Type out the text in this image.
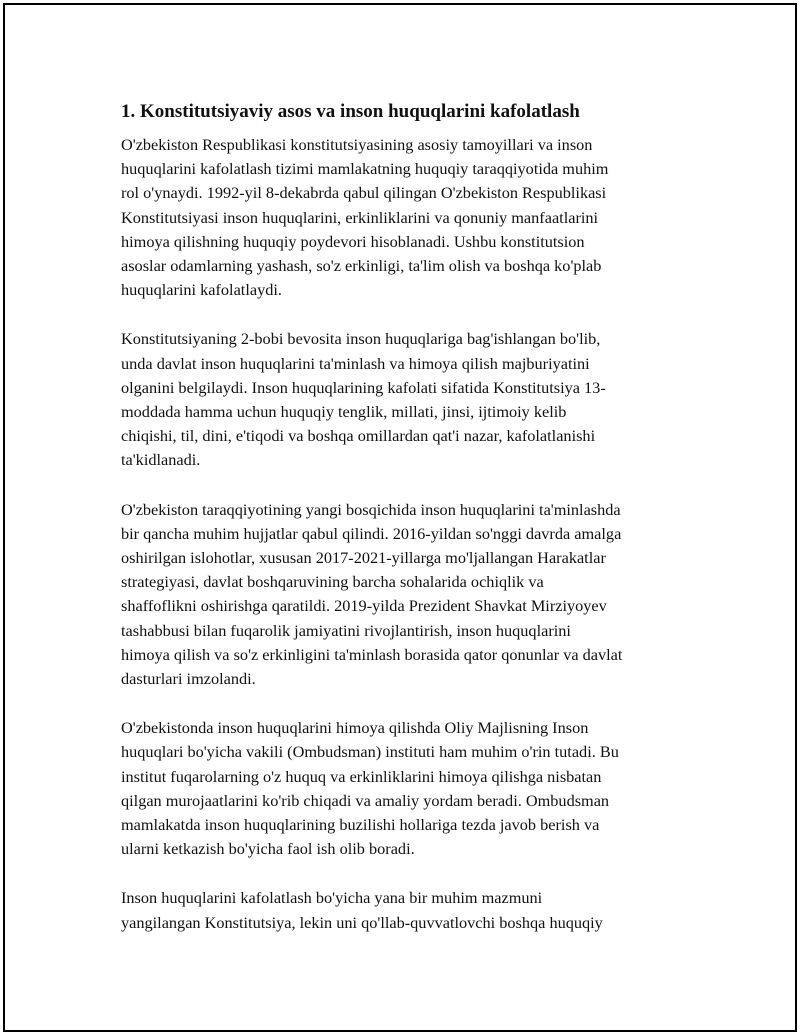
1. Konstitutsiyaviy asos va inson huquqlarini kafolatlash

O'zbekiston Respublikasi konstitutsiyasining asosiy tamoyillari va inson
huquqlarini kafolatlash tizimi mamlakatning huquqiy taraqqiyotida muhim
rol o'ynaydi. 1992-yil 8-dekabrda qabul qilingan O'zbekiston Respublikasi
Konstitutsiyasi inson huquqlarini, erkinliklarini va qonuniy manfaatlarini
himoya qilishning huquqiy poydevori hisoblanadi. Ushbu konstitutsion
asoslar odamlarning yashash, so'z erkinligi, ta'lim olish va boshqa ko'plab
huquqlarini kafolatlaydi.

Konstitutsiyaning 2-bobi bevosita inson huquqlariga bag'ishlangan bo'lib,
unda davlat inson huquqlarini ta'minlash va himoya qilish majburiyatini
olganini belgilaydi. Inson huquqlarining kafolati sifatida Konstitutsiya 13-
moddada hamma uchun huquqiy tenglik, millati, jinsi, ijtimoiy kelib
chiqishi, til, dini, e'tiqodi va boshqa omillardan qat'i nazar, kafolatlanishi
ta'kidlanadi.

O'zbekiston taraqqiyotining yangi bosqichida inson huquqlarini ta'minlashda
bir qancha muhim hujjatlar qabul qilindi. 2016-yildan so'nggi davrda amalga
oshirilgan islohotlar, xususan 2017-2021-yillarga mo'ljallangan Harakatlar
strategiyasi, davlat boshqaruvining barcha sohalarida ochiqlik va
shaffoflikni oshirishga qaratildi. 2019-yilda Prezident Shavkat Mirziyoyev
tashabbusi bilan fuqarolik jamiyatini rivojlantirish, inson huquqlarini
himoya qilish va so'z erkinligini ta'minlash borasida qator qonunlar va davlat
dasturlari imzolandi.

O'zbekistonda inson huquqlarini himoya qilishda Oliy Majlisning Inson
huquqlari bo'yicha vakili (Ombudsman) instituti ham muhim o'rin tutadi. Bu
institut fuqarolarning o'z huquq va erkinliklarini himoya qilishga nisbatan
qilgan murojaatlarini ko'rib chiqadi va amaliy yordam beradi. Ombudsman
mamlakatda inson huquqlarining buzilishi hollariga tezda javob berish va
ularni ketkazish bo'yicha faol ish olib boradi.

Inson huquqlarini kafolatlash bo'yicha yana bir muhim mazmuni
yangilangan Konstitutsiya, lekin uni qo'llab-quvvatlovchi boshqa huquqiy
